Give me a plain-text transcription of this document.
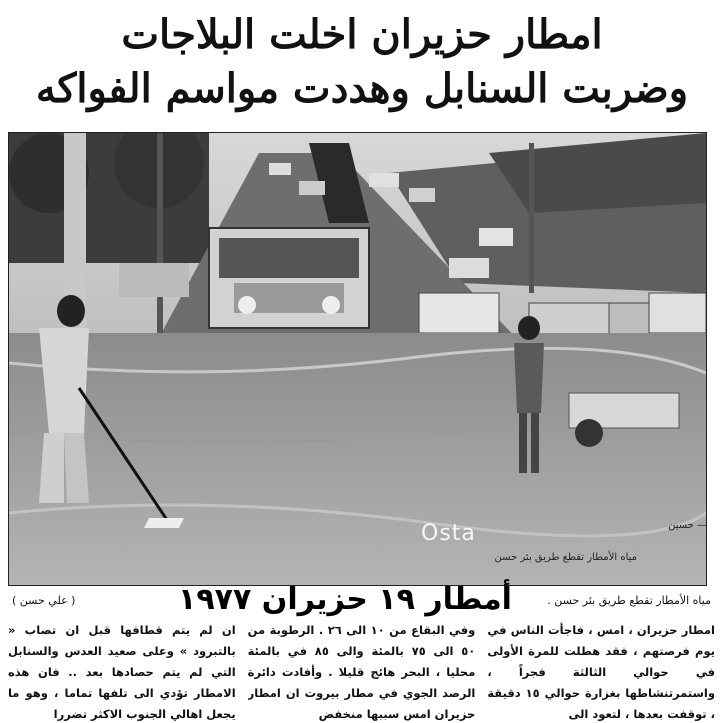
امطار حزيران اخلت البلاجات
وضربت السنابل وهددت مواسم الفواكه
Osta	— حسين
مياه الأمطار تقطع طريق بئر حسن
أمطار ١٩ حزيران ١٩٧٧
( علي حسن )	مياه الأمطار تقطع طريق بئر حسن .

امطار حزيران ، امس ، فاجأت الناس في يوم فرصتهم ، فقد هطلت للمرة الأولى في حوالي الثالثة فجراً ، واستمرتنشاطها بغزارة حوالي ١٥ دقيقة ، توقفت بعدها ، لتعود الى

وفي البقاع من ١٠ الى ٢٦ . الرطوبة من ٥٠ الى ٧٥ بالمئة والى ٨٥ في بالمئة محليا ، البحر هائج قليلا . وأفادت دائرة الرصد الجوي في مطار بيروت ان امطار حزيران امس سببها منخفض

ان لم يتم قطافها قبل ان تصاب « بالتبرود » وعلى صعيد العدس والسنابل التي لم يتم حصادها بعد .. فان هذه الامطار تؤدي الى تلفها تماما ، وهو ما يجعل اهالي الجنوب الاكثر تضررا
